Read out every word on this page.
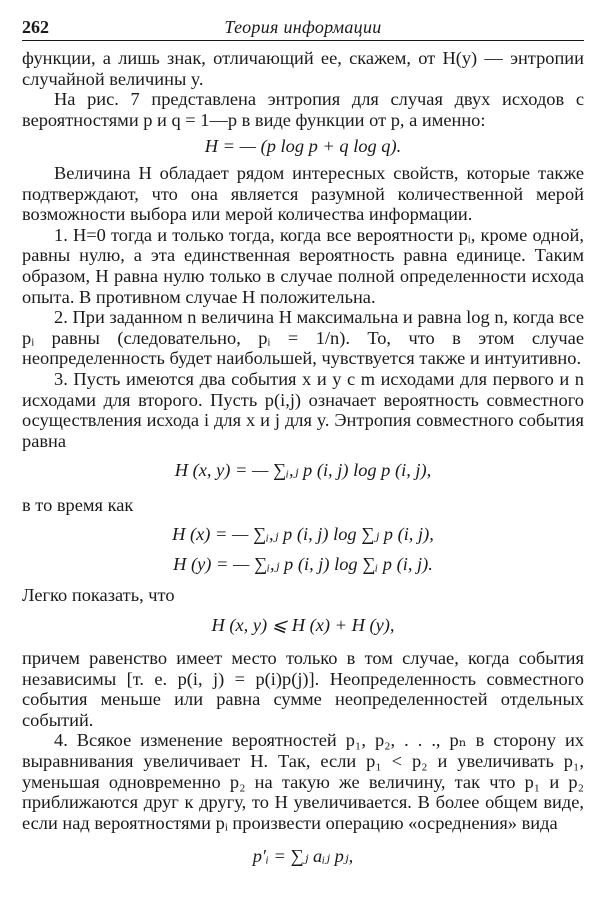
262	Теория информации

функции, а лишь знак, отличающий ее, скажем, от H(y) — энтропии случайной величины y.

На рис. 7 представлена энтропия для случая двух исходов с вероятностями p и q = 1—p в виде функции от p, а именно:

H = — (p log p + q log q).

Величина H обладает рядом интересных свойств, которые также подтверждают, что она является разумной количественной мерой возможности выбора или мерой количества информации.

1. H=0 тогда и только тогда, когда все вероятности pᵢ, кроме одной, равны нулю, а эта единственная вероятность равна единице. Таким образом, H равна нулю только в случае полной определенности исхода опыта. В противном случае H положительна.

2. При заданном n величина H максимальна и равна log n, когда все pᵢ равны (следовательно, pᵢ = 1/n). То, что в этом случае неопределенность будет наибольшей, чувствуется также и интуитивно.

3. Пусть имеются два события x и y с m исходами для первого и n исходами для второго. Пусть p(i,j) означает вероятность совместного осуществления исхода i для x и j для y. Энтропия совместного события равна

H (x, y) = — ∑ᵢ,ⱼ p (i, j) log p (i, j),

в то время как

H (x) = — ∑ᵢ,ⱼ p (i, j) log ∑ⱼ p (i, j),
H (y) = — ∑ᵢ,ⱼ p (i, j) log ∑ᵢ p (i, j).

Легко показать, что

H (x, y) ⩽ H (x) + H (y),

причем равенство имеет место только в том случае, когда события независимы [т. е. p(i, j) = p(i)p(j)]. Неопределенность совместного события меньше или равна сумме неопределенностей отдельных событий.

4. Всякое изменение вероятностей p₁, p₂, . . ., pₙ в сторону их выравнивания увеличивает H. Так, если p₁ < p₂ и увеличивать p₁, уменьшая одновременно p₂ на такую же величину, так что p₁ и p₂ приближаются друг к другу, то H увеличивается. В более общем виде, если над вероятностями pᵢ произвести операцию «осреднения» вида

p′ᵢ = ∑ⱼ aᵢⱼ pⱼ,
